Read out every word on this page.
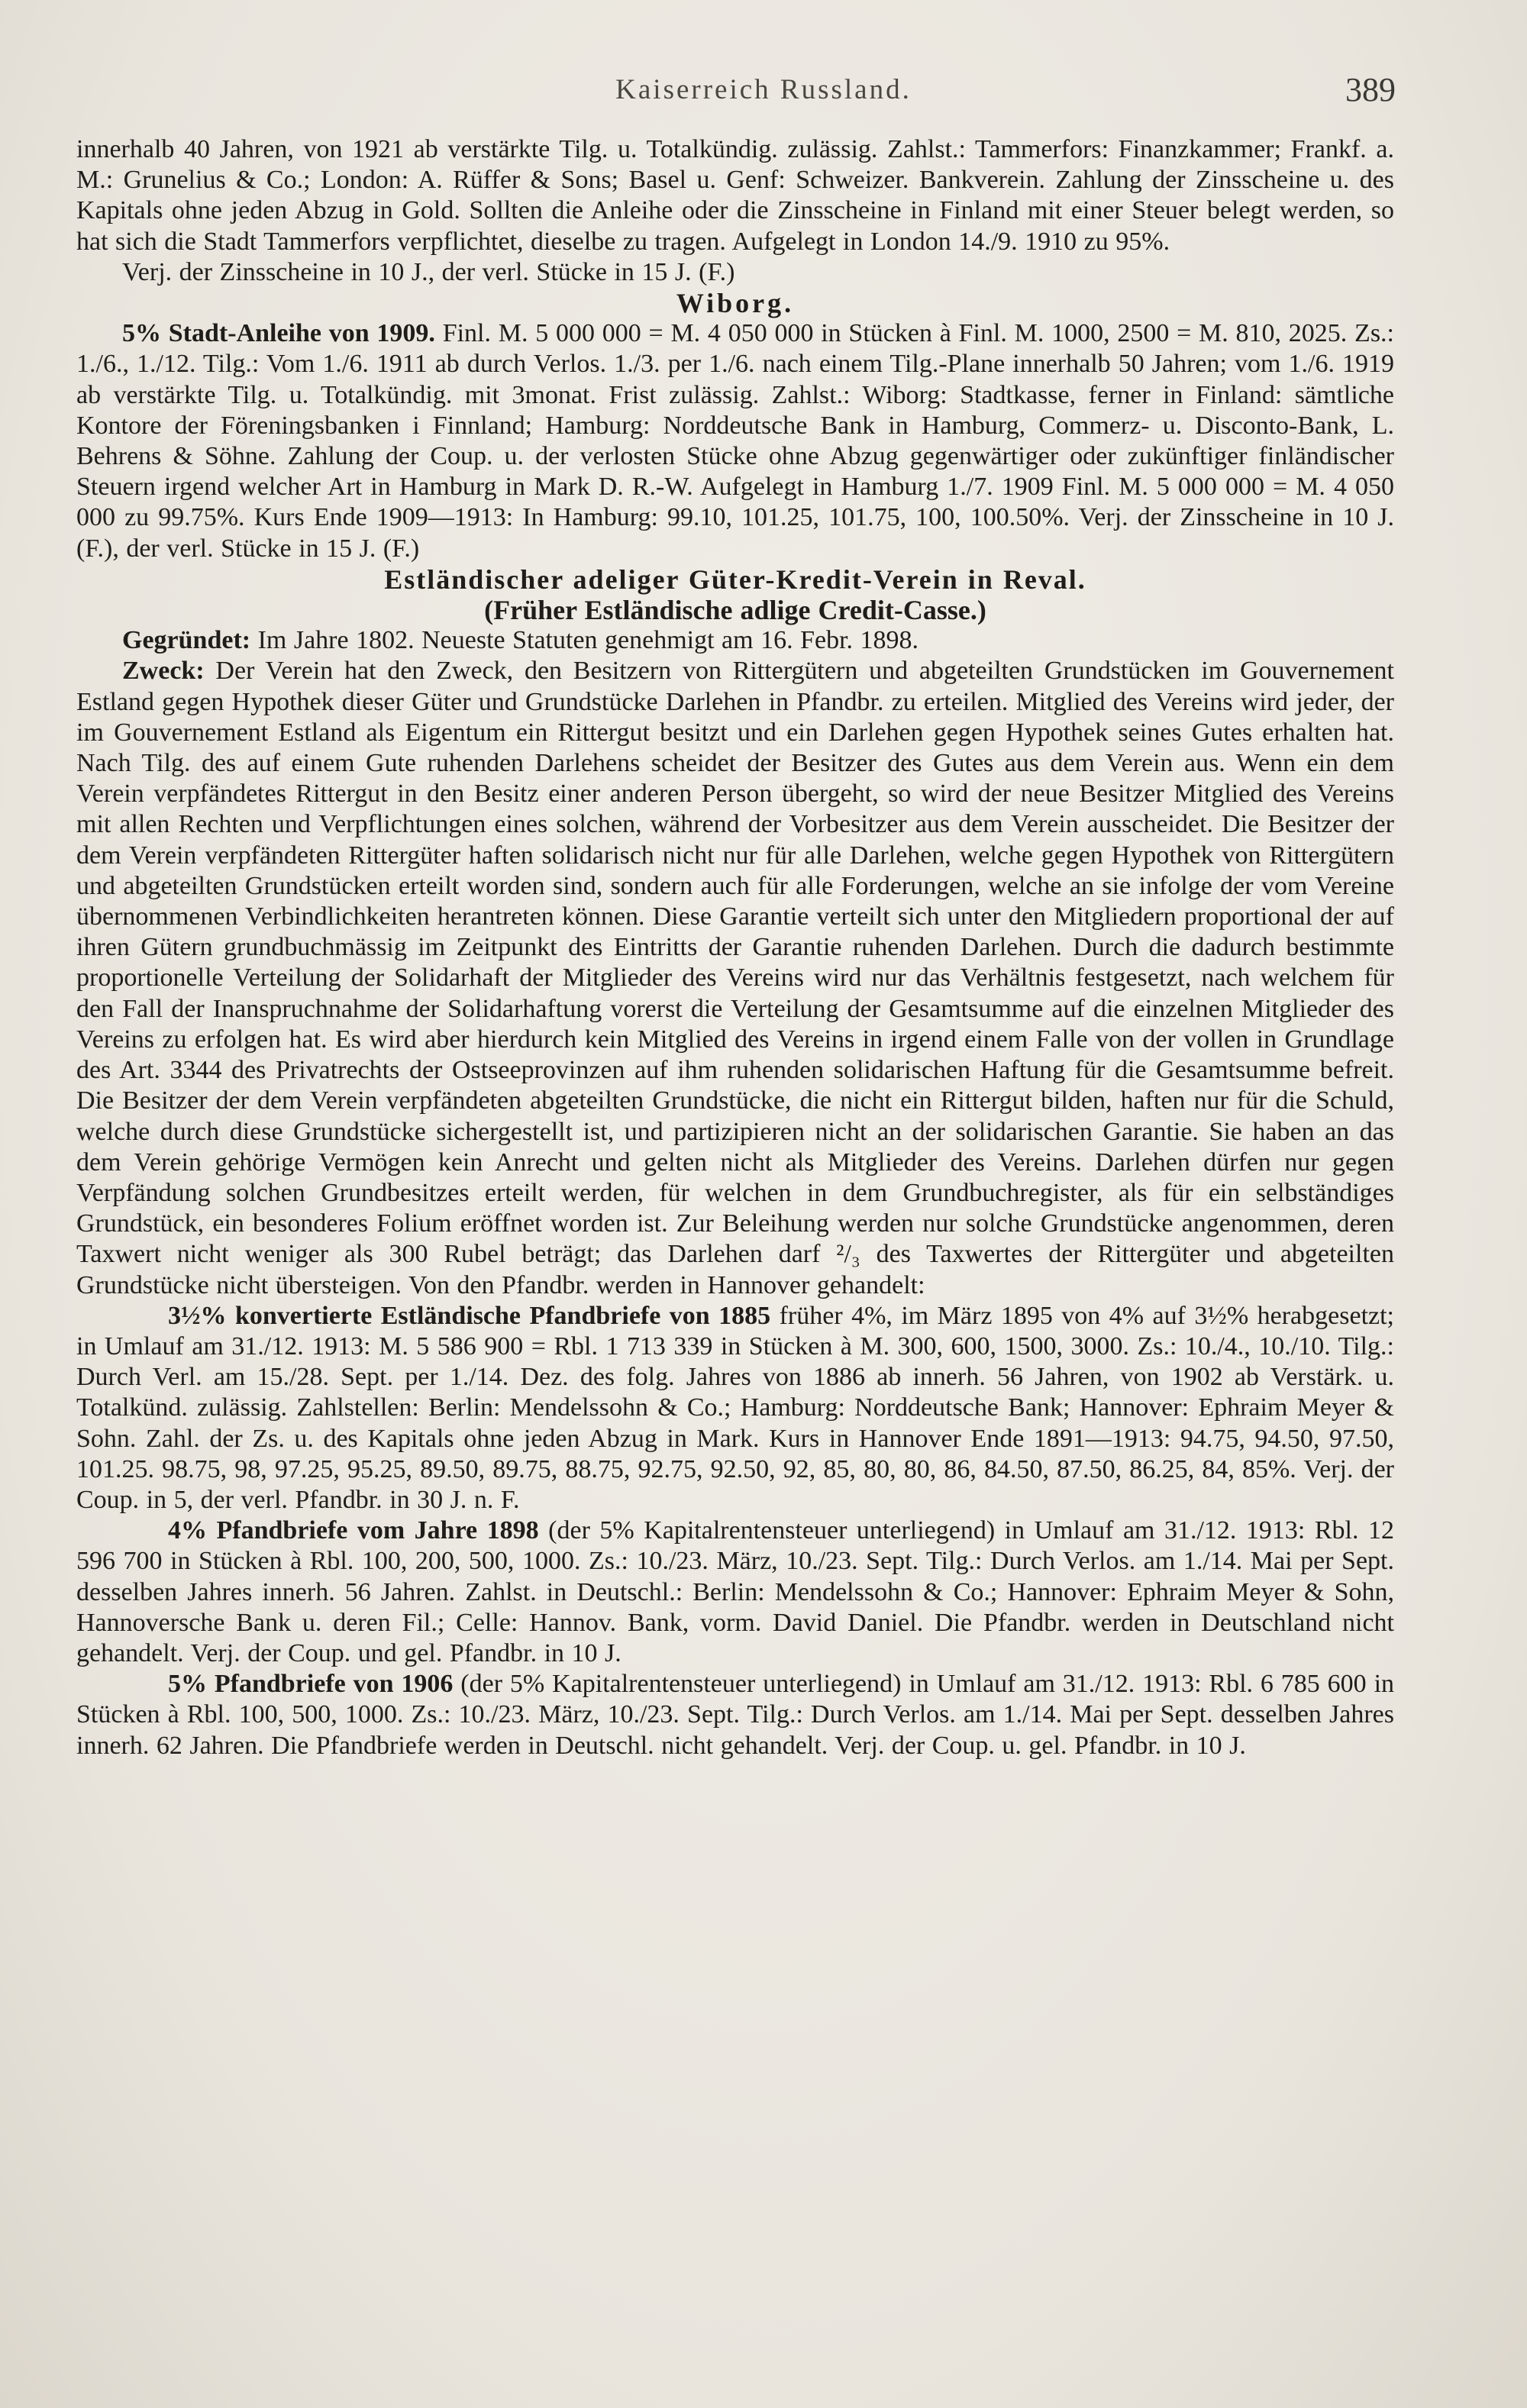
Kaiserreich Russland.	389

innerhalb 40 Jahren, von 1921 ab verstärkte Tilg. u. Totalkündig. zulässig. Zahlst.: Tammerfors: Finanzkammer; Frankf. a. M.: Grunelius & Co.; London: A. Rüffer & Sons; Basel u. Genf: Schweizer. Bankverein. Zahlung der Zinsscheine u. des Kapitals ohne jeden Abzug in Gold. Sollten die Anleihe oder die Zinsscheine in Finland mit einer Steuer belegt werden, so hat sich die Stadt Tammerfors verpflichtet, dieselbe zu tragen. Aufgelegt in London 14./9. 1910 zu 95%.

Verj. der Zinsscheine in 10 J., der verl. Stücke in 15 J. (F.)

Wiborg.

5% Stadt-Anleihe von 1909. Finl. M. 5 000 000 = M. 4 050 000 in Stücken à Finl. M. 1000, 2500 = M. 810, 2025. Zs.: 1./6., 1./12. Tilg.: Vom 1./6. 1911 ab durch Verlos. 1./3. per 1./6. nach einem Tilg.-Plane innerhalb 50 Jahren; vom 1./6. 1919 ab verstärkte Tilg. u. Totalkündig. mit 3monat. Frist zulässig. Zahlst.: Wiborg: Stadtkasse, ferner in Finland: sämtliche Kontore der Föreningsbanken i Finnland; Hamburg: Norddeutsche Bank in Hamburg, Commerz- u. Disconto-Bank, L. Behrens & Söhne. Zahlung der Coup. u. der verlosten Stücke ohne Abzug gegenwärtiger oder zukünftiger finländischer Steuern irgend welcher Art in Hamburg in Mark D. R.-W. Aufgelegt in Hamburg 1./7. 1909 Finl. M. 5 000 000 = M. 4 050 000 zu 99.75%. Kurs Ende 1909—1913: In Hamburg: 99.10, 101.25, 101.75, 100, 100.50%. Verj. der Zinsscheine in 10 J. (F.), der verl. Stücke in 15 J. (F.)

Estländischer adeliger Güter-Kredit-Verein in Reval.

(Früher Estländische adlige Credit-Casse.)

Gegründet: Im Jahre 1802. Neueste Statuten genehmigt am 16. Febr. 1898.

Zweck: Der Verein hat den Zweck, den Besitzern von Rittergütern und abgeteilten Grundstücken im Gouvernement Estland gegen Hypothek dieser Güter und Grundstücke Darlehen in Pfandbr. zu erteilen. Mitglied des Vereins wird jeder, der im Gouvernement Estland als Eigentum ein Rittergut besitzt und ein Darlehen gegen Hypothek seines Gutes erhalten hat. Nach Tilg. des auf einem Gute ruhenden Darlehens scheidet der Besitzer des Gutes aus dem Verein aus. Wenn ein dem Verein verpfändetes Rittergut in den Besitz einer anderen Person übergeht, so wird der neue Besitzer Mitglied des Vereins mit allen Rechten und Verpflichtungen eines solchen, während der Vorbesitzer aus dem Verein ausscheidet. Die Besitzer der dem Verein verpfändeten Rittergüter haften solidarisch nicht nur für alle Darlehen, welche gegen Hypothek von Rittergütern und abgeteilten Grundstücken erteilt worden sind, sondern auch für alle Forderungen, welche an sie infolge der vom Vereine übernommenen Verbindlichkeiten herantreten können. Diese Garantie verteilt sich unter den Mitgliedern proportional der auf ihren Gütern grundbuchmässig im Zeitpunkt des Eintritts der Garantie ruhenden Darlehen. Durch die dadurch bestimmte proportionelle Verteilung der Solidarhaft der Mitglieder des Vereins wird nur das Verhältnis festgesetzt, nach welchem für den Fall der Inanspruchnahme der Solidarhaftung vorerst die Verteilung der Gesamtsumme auf die einzelnen Mitglieder des Vereins zu erfolgen hat. Es wird aber hierdurch kein Mitglied des Vereins in irgend einem Falle von der vollen in Grundlage des Art. 3344 des Privatrechts der Ostseeprovinzen auf ihm ruhenden solidarischen Haftung für die Gesamtsumme befreit. Die Besitzer der dem Verein verpfändeten abgeteilten Grundstücke, die nicht ein Rittergut bilden, haften nur für die Schuld, welche durch diese Grundstücke sichergestellt ist, und partizipieren nicht an der solidarischen Garantie. Sie haben an das dem Verein gehörige Vermögen kein Anrecht und gelten nicht als Mitglieder des Vereins. Darlehen dürfen nur gegen Verpfändung solchen Grundbesitzes erteilt werden, für welchen in dem Grundbuchregister, als für ein selbständiges Grundstück, ein besonderes Folium eröffnet worden ist. Zur Beleihung werden nur solche Grundstücke angenommen, deren Taxwert nicht weniger als 300 Rubel beträgt; das Darlehen darf ²/₃ des Taxwertes der Rittergüter und abgeteilten Grundstücke nicht übersteigen. Von den Pfandbr. werden in Hannover gehandelt:

3½% konvertierte Estländische Pfandbriefe von 1885 früher 4%, im März 1895 von 4% auf 3½% herabgesetzt; in Umlauf am 31./12. 1913: M. 5 586 900 = Rbl. 1 713 339 in Stücken à M. 300, 600, 1500, 3000. Zs.: 10./4., 10./10. Tilg.: Durch Verl. am 15./28. Sept. per 1./14. Dez. des folg. Jahres von 1886 ab innerh. 56 Jahren, von 1902 ab Verstärk. u. Totalkünd. zulässig. Zahlstellen: Berlin: Mendelssohn & Co.; Hamburg: Norddeutsche Bank; Hannover: Ephraim Meyer & Sohn. Zahl. der Zs. u. des Kapitals ohne jeden Abzug in Mark. Kurs in Hannover Ende 1891—1913: 94.75, 94.50, 97.50, 101.25. 98.75, 98, 97.25, 95.25, 89.50, 89.75, 88.75, 92.75, 92.50, 92, 85, 80, 80, 86, 84.50, 87.50, 86.25, 84, 85%. Verj. der Coup. in 5, der verl. Pfandbr. in 30 J. n. F.

4% Pfandbriefe vom Jahre 1898 (der 5% Kapitalrentensteuer unterliegend) in Umlauf am 31./12. 1913: Rbl. 12 596 700 in Stücken à Rbl. 100, 200, 500, 1000. Zs.: 10./23. März, 10./23. Sept. Tilg.: Durch Verlos. am 1./14. Mai per Sept. desselben Jahres innerh. 56 Jahren. Zahlst. in Deutschl.: Berlin: Mendelssohn & Co.; Hannover: Ephraim Meyer & Sohn, Hannoversche Bank u. deren Fil.; Celle: Hannov. Bank, vorm. David Daniel. Die Pfandbr. werden in Deutschland nicht gehandelt. Verj. der Coup. und gel. Pfandbr. in 10 J.

5% Pfandbriefe von 1906 (der 5% Kapitalrentensteuer unterliegend) in Umlauf am 31./12. 1913: Rbl. 6 785 600 in Stücken à Rbl. 100, 500, 1000. Zs.: 10./23. März, 10./23. Sept. Tilg.: Durch Verlos. am 1./14. Mai per Sept. desselben Jahres innerh. 62 Jahren. Die Pfandbriefe werden in Deutschl. nicht gehandelt. Verj. der Coup. u. gel. Pfandbr. in 10 J.
